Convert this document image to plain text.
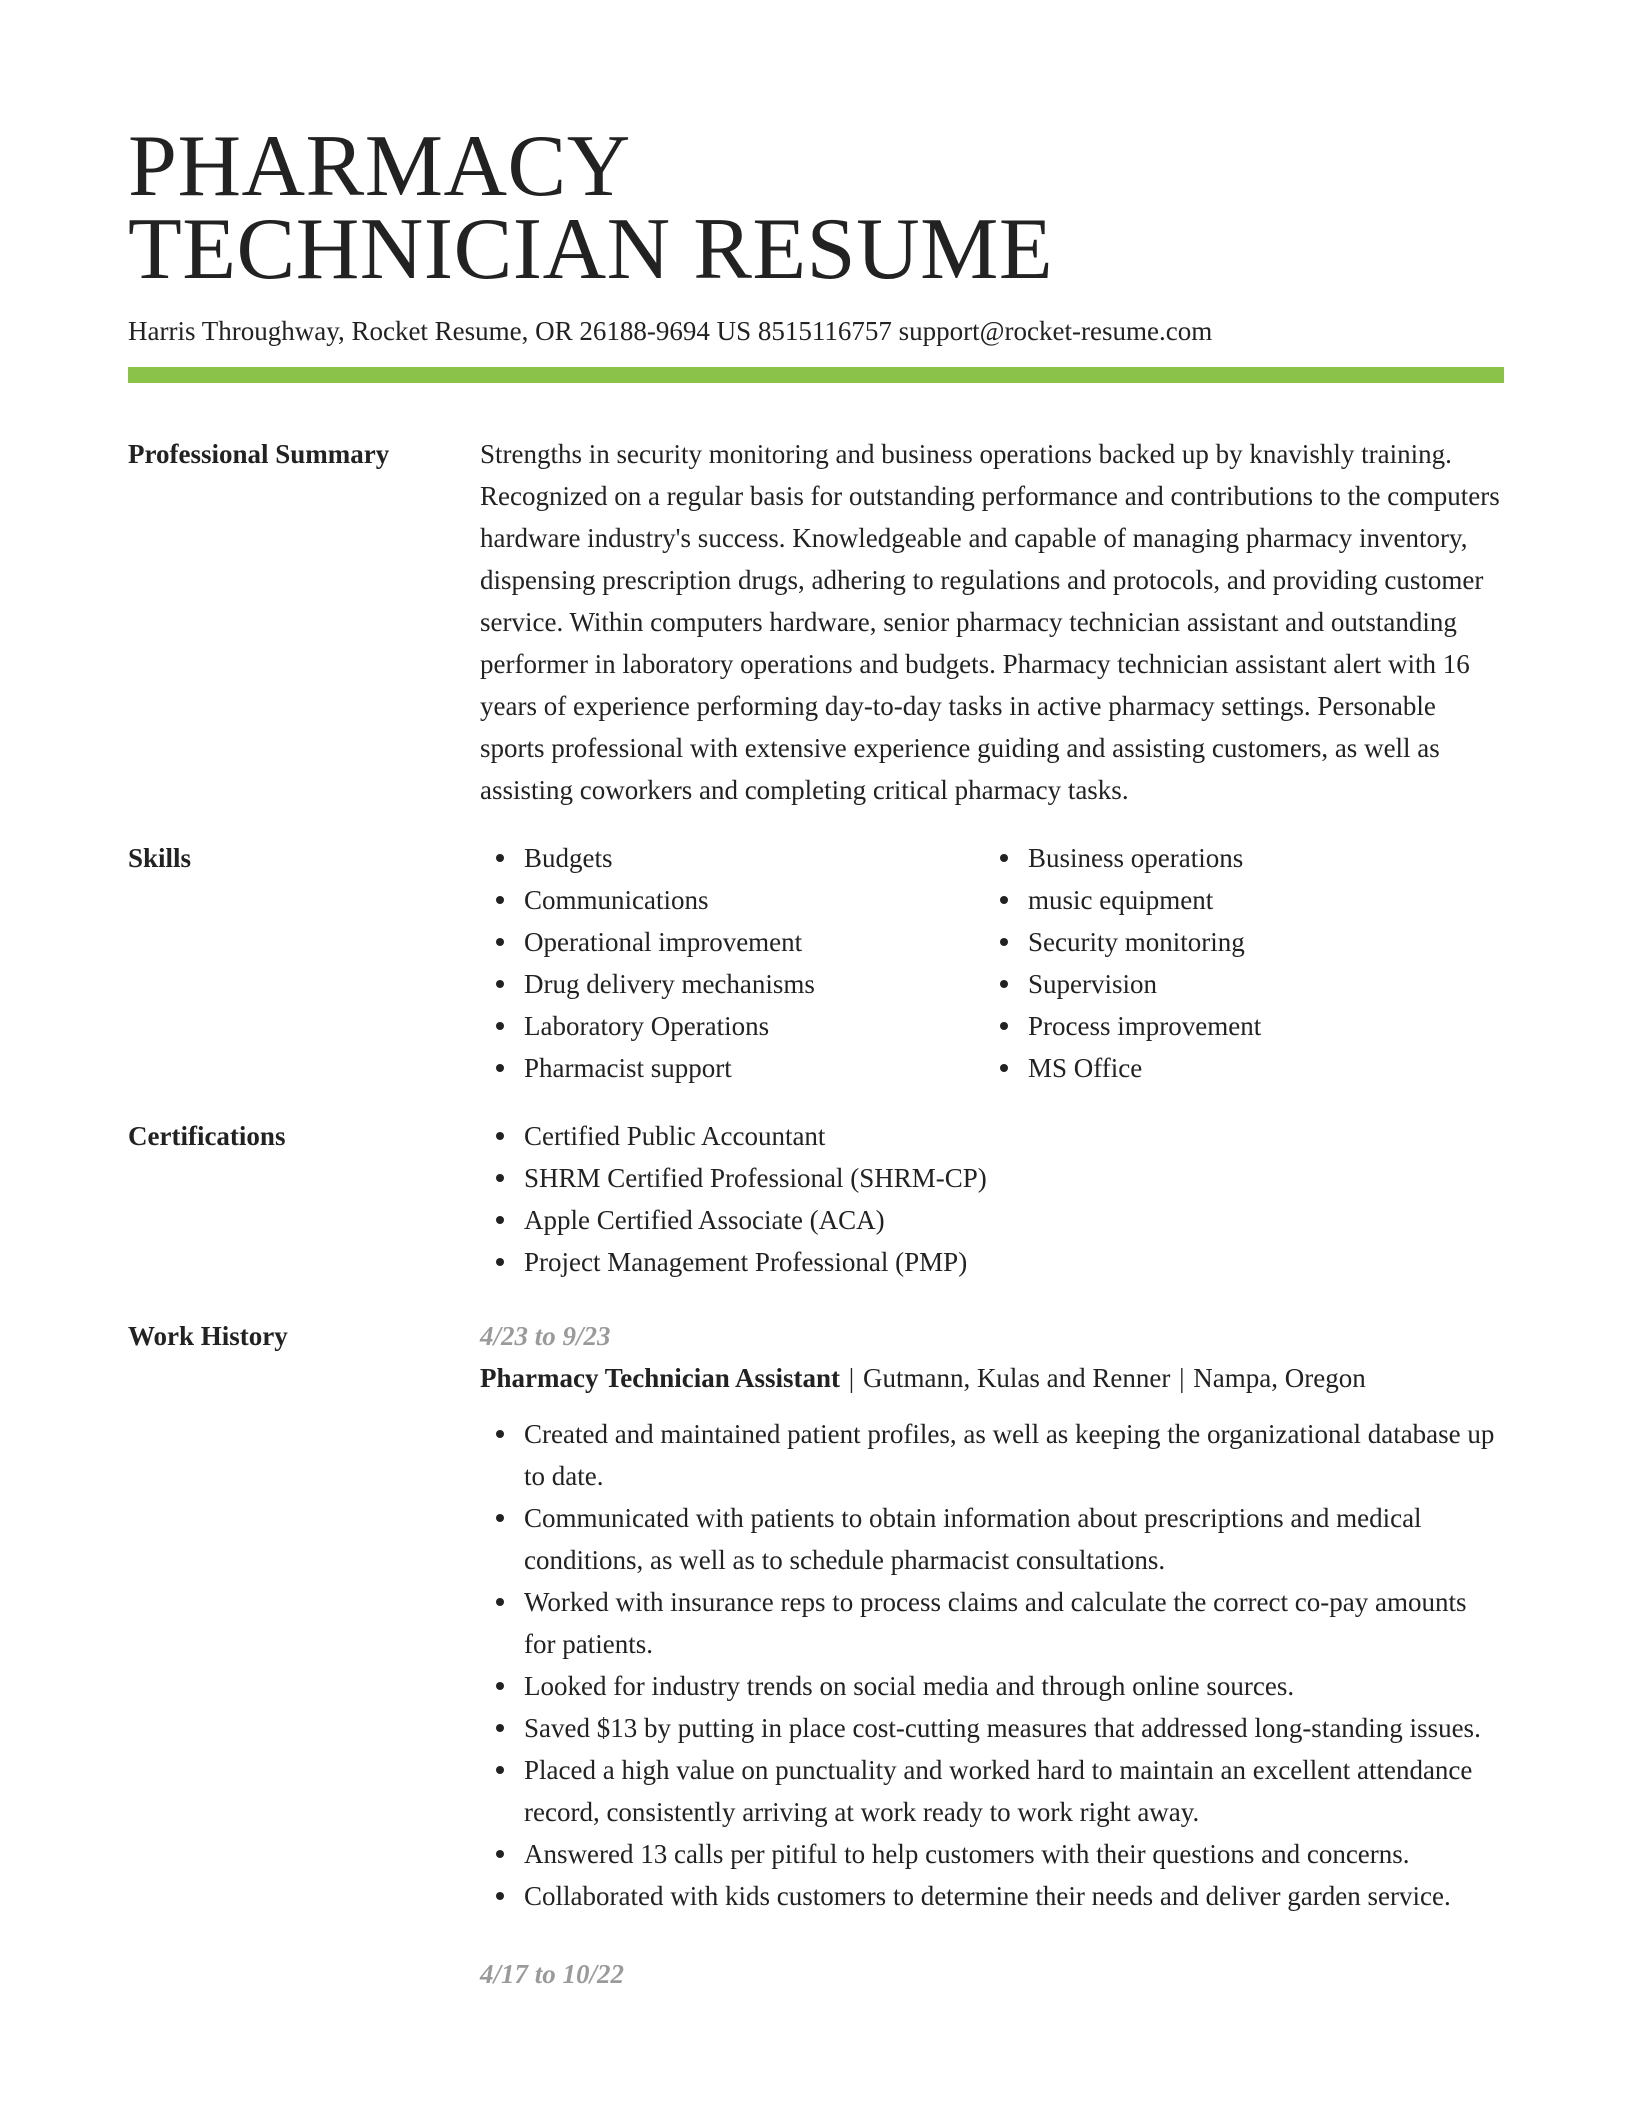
PHARMACY
TECHNICIAN RESUME
Harris Throughway, Rocket Resume, OR 26188-9694 US 8515116757 support@rocket-resume.com
Professional Summary	Strengths in security monitoring and business operations backed up by knavishly training. Recognized on a regular basis for outstanding performance and contributions to the computers hardware industry's success. Knowledgeable and capable of managing pharmacy inventory, dispensing prescription drugs, adhering to regulations and protocols, and providing customer service. Within computers hardware, senior pharmacy technician assistant and outstanding performer in laboratory operations and budgets. Pharmacy technician assistant alert with 16 years of experience performing day-to-day tasks in active pharmacy settings. Personable sports professional with extensive experience guiding and assisting customers, as well as assisting coworkers and completing critical pharmacy tasks.

Skills	Budgets
Communications
Operational improvement
Drug delivery mechanisms
Laboratory Operations
Pharmacist support
Business operations
music equipment
Security monitoring
Supervision
Process improvement
MS Office
Certifications	Certified Public Accountant
SHRM Certified Professional (SHRM-CP)
Apple Certified Associate (ACA)
Project Management Professional (PMP)
Work History	4/23 to 9/23
Pharmacy Technician Assistant | Gutmann, Kulas and Renner | Nampa, Oregon
Created and maintained patient profiles, as well as keeping the organizational database up to date.
Communicated with patients to obtain information about prescriptions and medical conditions, as well as to schedule pharmacist consultations.
Worked with insurance reps to process claims and calculate the correct co-pay amounts for patients.
Looked for industry trends on social media and through online sources.
Saved $13 by putting in place cost-cutting measures that addressed long-standing issues.
Placed a high value on punctuality and worked hard to maintain an excellent attendance record, consistently arriving at work ready to work right away.
Answered 13 calls per pitiful to help customers with their questions and concerns.
Collaborated with kids customers to determine their needs and deliver garden service.
4/17 to 10/22
